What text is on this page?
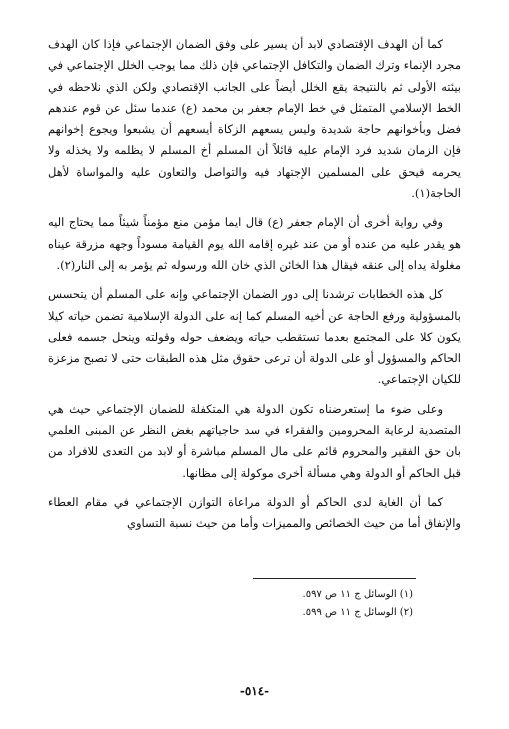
كما أن الهدف الإقتصادي لابد أن يسير على وفق الضمان الإجتماعي فإذا كان الهدف مجرد الإنماء وترك الضمان والتكافل الإجتماعي فإن ذلك مما يوجب الخلل الإجتماعي في بيئته الأولى ثم بالنتيجة يقع الخلل أيضاً على الجانب الإقتصادي ولكن الذي نلاحظه في الخط الإسلامي المتمثل في خط الإمام جعفر بن محمد (ع) عندما سئل عن قوم عندهم فضل وبأخوانهم حاجة شديدة وليس يسعهم الزكاة أيسعهم أن يشبعوا ويجوع إخوانهم فإن الزمان شديد فرد الإمام عليه قائلاً أن المسلم أخ المسلم لا يظلمه ولا يخذله ولا يحرمه فيحق على المسلمين الإجتهاد فيه والتواصل والتعاون عليه والمواساة لأهل الحاجة(١).

وفي رواية أخرى أن الإمام جعفر (ع) قال ايما مؤمن منع مؤمناً شيئاً مما يحتاج اليه هو يقدر عليه من عنده أو من عند غيره إقامه الله يوم القيامة مسوداً وجهه مزرقة عيناه مغلولة يداه إلى عنقه فيقال هذا الخائن الذي خان الله ورسوله ثم يؤمر به إلى النار(٢).

كل هذه الخطابات ترشدنا إلى دور الضمان الإجتماعي وإنه على المسلم أن يتحسس بالمسؤولية ورفع الحاجة عن أخيه المسلم كما إنه على الدولة الإسلامية تضمن حياته كيلا يكون كلا على المجتمع بعدما تستقطب حياته ويضعف حوله وقولته وينحل جسمه فعلى الحاكم والمسؤول أو على الدولة أن ترعى حقوق مثل هذه الطبقات حتى لا تصبح مزعزة للكيان الإجتماعي.

وعلى ضوء ما إستعرضناه تكون الدولة هي المتكفلة للضمان الإجتماعي حيث هي المتصدية لرعاية المحرومين والفقراء في سد حاجياتهم بغض النظر عن المبنى العلمي بان حق الفقير والمحروم قائم على مال المسلم مباشرة أو لابد من التعدى للافراد من قبل الحاكم أو الدولة وهي مسألة أخرى موكولة إلى مظانها.

كما أن الغاية لدى الحاكم أو الدولة مراعاة التوازن الإجتماعي في مقام العطاء والإنفاق أما من حيث الخصائص والمميزات وأما من حيث نسبة التساوي

(١) الوسائل ج ١١ ص ٥٩٧.

(٢) الوسائل ج ١١ ص ٥٩٩.

-٥١٤-
